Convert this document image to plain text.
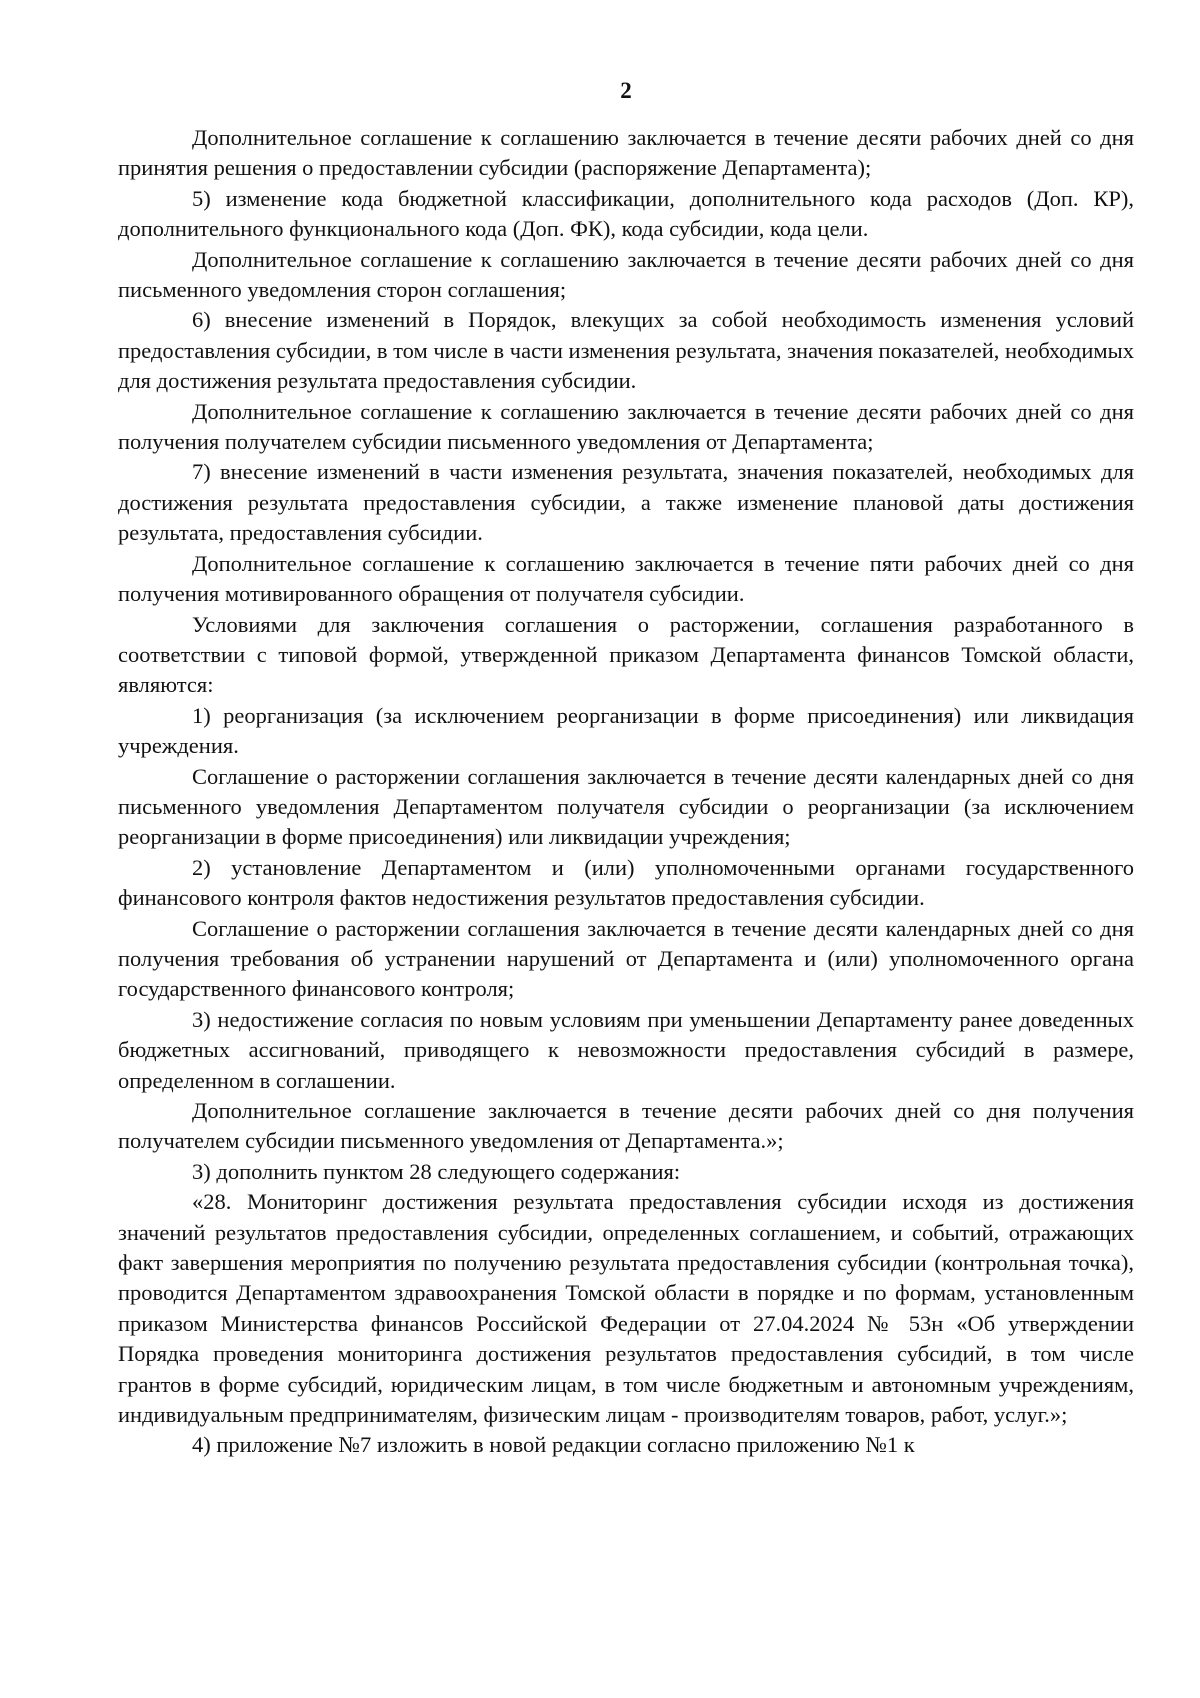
2

Дополнительное соглашение к соглашению заключается в течение десяти рабочих дней со дня принятия решения о предоставлении субсидии (распоряжение Департамента);

5) изменение кода бюджетной классификации, дополнительного кода расходов (Доп. КР), дополнительного функционального кода (Доп. ФК), кода субсидии, кода цели.

Дополнительное соглашение к соглашению заключается в течение десяти рабочих дней со дня письменного уведомления сторон соглашения;

6) внесение изменений в Порядок, влекущих за собой необходимость изменения условий предоставления субсидии, в том числе в части изменения результата, значения показателей, необходимых для достижения результата предоставления субсидии.

Дополнительное соглашение к соглашению заключается в течение десяти рабочих дней со дня получения получателем субсидии письменного уведомления от Департамента;

7) внесение изменений в части изменения результата, значения показателей, необходимых для достижения результата предоставления субсидии, а также изменение плановой даты достижения результата, предоставления субсидии.

Дополнительное соглашение к соглашению заключается в течение пяти рабочих дней со дня получения мотивированного обращения от получателя субсидии.

Условиями для заключения соглашения о расторжении, соглашения разработанного в соответствии с типовой формой, утвержденной приказом Департамента финансов Томской области, являются:

1) реорганизация (за исключением реорганизации в форме присоединения) или ликвидация учреждения.

Соглашение о расторжении соглашения заключается в течение десяти календарных дней со дня письменного уведомления Департаментом получателя субсидии о реорганизации (за исключением реорганизации в форме присоединения) или ликвидации учреждения;

2) установление Департаментом и (или) уполномоченными органами государственного финансового контроля фактов недостижения результатов предоставления субсидии.

Соглашение о расторжении соглашения заключается в течение десяти календарных дней со дня получения требования об устранении нарушений от Департамента и (или) уполномоченного органа государственного финансового контроля;

3) недостижение согласия по новым условиям при уменьшении Департаменту ранее доведенных бюджетных ассигнований, приводящего к невозможности предоставления субсидий в размере, определенном в соглашении.

Дополнительное соглашение заключается в течение десяти рабочих дней со дня получения получателем субсидии письменного уведомления от Департамента.»;

3) дополнить пунктом 28 следующего содержания:

«28. Мониторинг достижения результата предоставления субсидии исходя из достижения значений результатов предоставления субсидии, определенных соглашением, и событий, отражающих факт завершения мероприятия по получению результата предоставления субсидии (контрольная точка), проводится Департаментом здравоохранения Томской области в порядке и по формам, установленным приказом Министерства финансов Российской Федерации от 27.04.2024 № 53н «Об утверждении Порядка проведения мониторинга достижения результатов предоставления субсидий, в том числе грантов в форме субсидий, юридическим лицам, в том числе бюджетным и автономным учреждениям, индивидуальным предпринимателям, физическим лицам - производителям товаров, работ, услуг.»;

4) приложение №7 изложить в новой редакции согласно приложению №1 к
